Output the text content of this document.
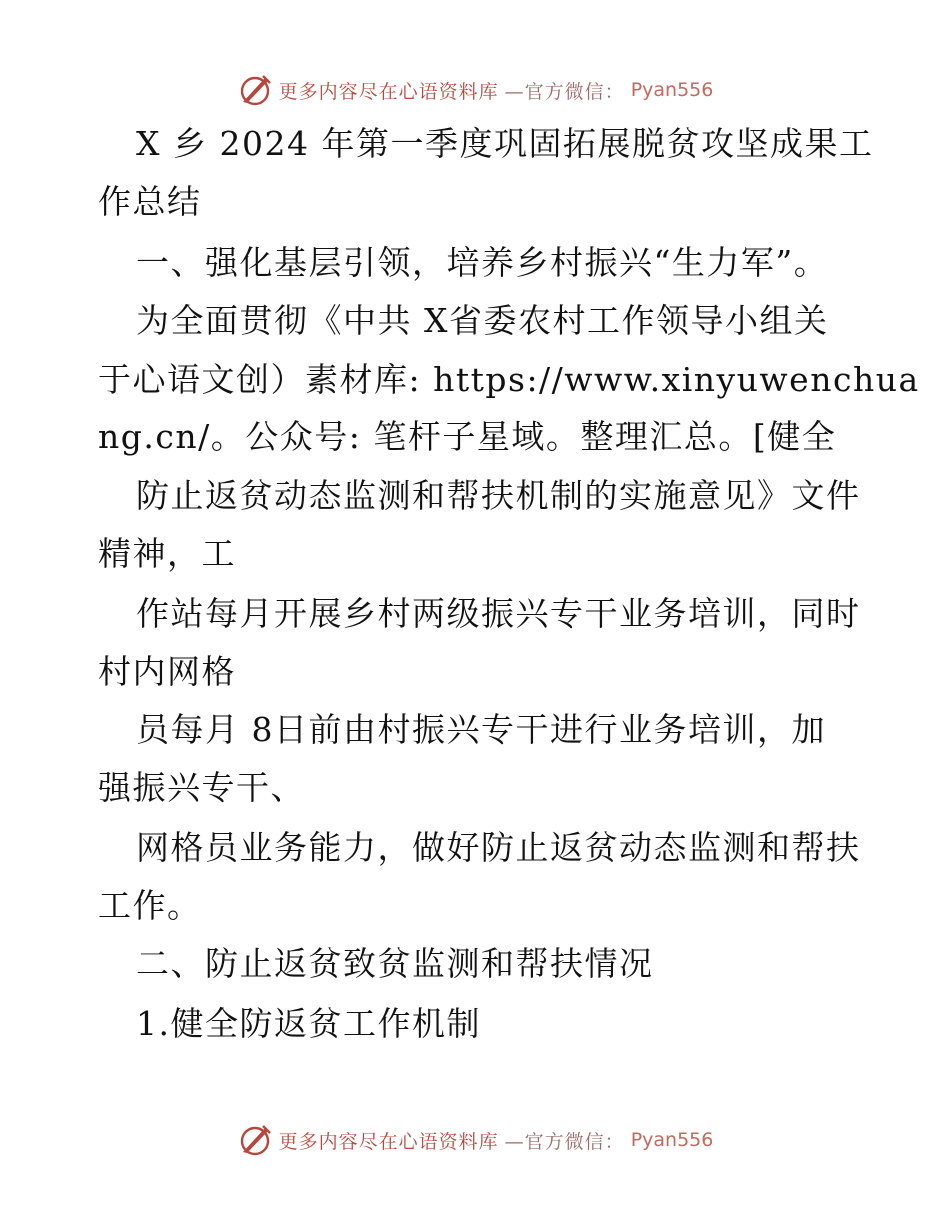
更多内容尽在心语资料库 —官方微信： Pyan556
X 乡 2024 年第一季度巩固拓展脱贫攻坚成果工
作总结
一、强化基层引领，培养乡村振兴“生力军”。
为全面贯彻《中共 X省委农村工作领导小组关
于心语文创）素材库: https://www.xinyuwenchua
ng.cn/。公众号: 笔杆子星域。整理汇总。[健全
防止返贫动态监测和帮扶机制的实施意见》文件
精神，工
作站每月开展乡村两级振兴专干业务培训，同时
村内网格
员每月 8日前由村振兴专干进行业务培训，加
强振兴专干、
网格员业务能力，做好防止返贫动态监测和帮扶
工作。
二、防止返贫致贫监测和帮扶情况
1.健全防返贫工作机制
更多内容尽在心语资料库 —官方微信： Pyan556
